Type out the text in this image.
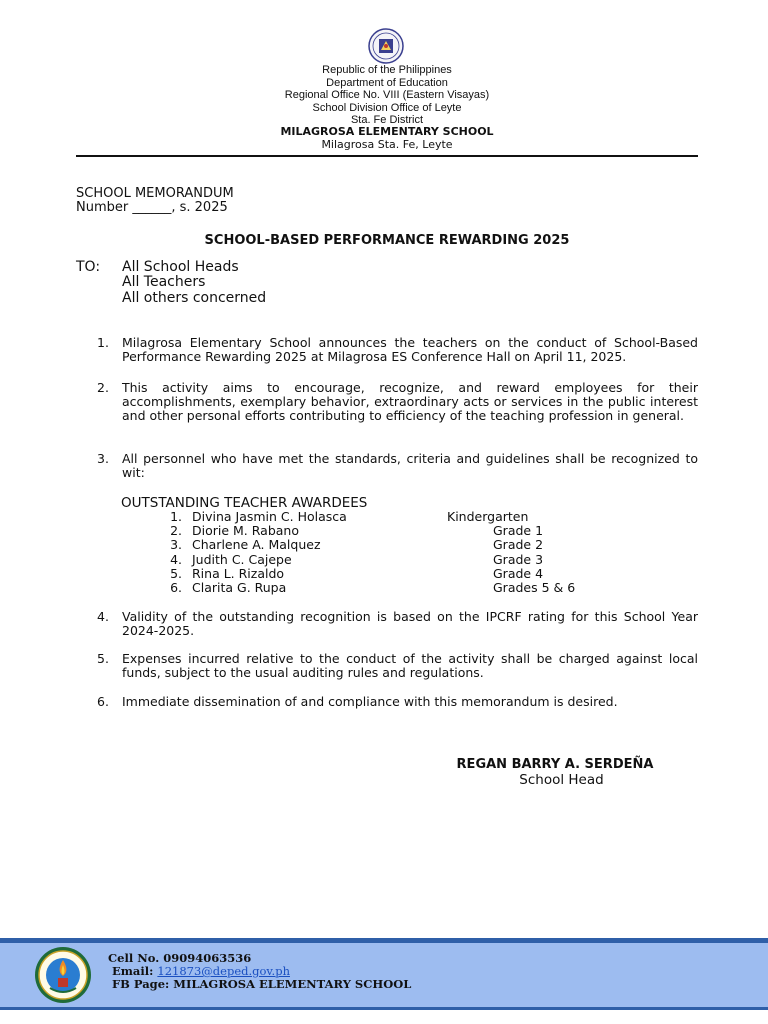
Republic of the Philippines
Department of Education
Regional Office No. VIII (Eastern Visayas)
School Division Office of Leyte
Sta. Fe District
MILAGROSA ELEMENTARY SCHOOL
Milagrosa Sta. Fe, Leyte
SCHOOL MEMORANDUM
Number ______, s. 2025
SCHOOL-BASED PERFORMANCE REWARDING 2025
TO: All School Heads
All Teachers
All others concerned
1.	Milagrosa Elementary School announces the teachers on the conduct of School-Based Performance Rewarding 2025 at Milagrosa ES Conference Hall on April 11, 2025.
2.	This activity aims to encourage, recognize, and reward employees for their accomplishments, exemplary behavior, extraordinary acts or services in the public interest and other personal efforts contributing to efficiency of the teaching profession in general.
3.	All personnel who have met the standards, criteria and guidelines shall be recognized to wit:
OUTSTANDING TEACHER AWARDEES
1. Divina Jasmin C. Holasca	Kindergarten
2. Diorie M. Rabano	Grade 1
3. Charlene A. Malquez	Grade 2
4. Judith C. Cajepe	Grade 3
5. Rina L. Rizaldo	Grade 4
6. Clarita G. Rupa	Grades 5 & 6
4.	Validity of the outstanding recognition is based on the IPCRF rating for this School Year 2024-2025.
5.	Expenses incurred relative to the conduct of the activity shall be charged against local funds, subject to the usual auditing rules and regulations.
6.	Immediate dissemination of and compliance with this memorandum is desired.
REGAN BARRY A. SERDEÑA
School Head
Cell No. 09094063536
Email: 121873@deped.gov.ph
FB Page: MILAGROSA ELEMENTARY SCHOOL
